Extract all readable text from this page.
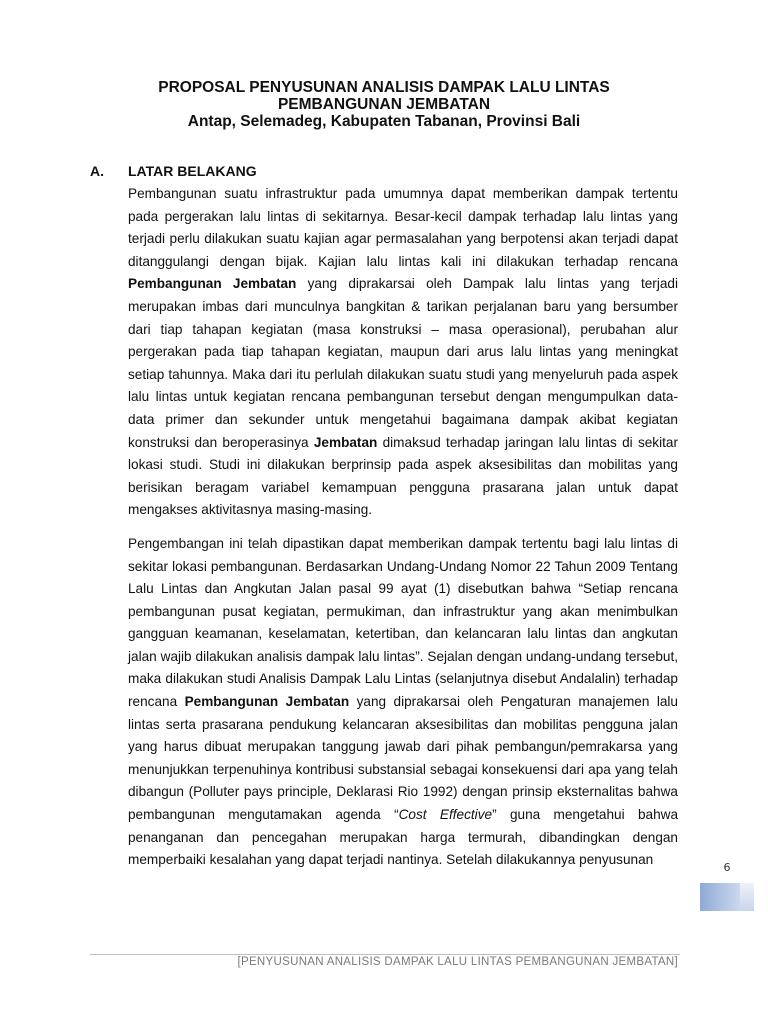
PROPOSAL PENYUSUNAN ANALISIS DAMPAK LALU LINTAS
PEMBANGUNAN JEMBATAN
Antap, Selemadeg, Kabupaten Tabanan, Provinsi Bali
A. LATAR BELAKANG

Pembangunan suatu infrastruktur pada umumnya dapat memberikan dampak tertentu pada pergerakan lalu lintas di sekitarnya. Besar-kecil dampak terhadap lalu lintas yang terjadi perlu dilakukan suatu kajian agar permasalahan yang berpotensi akan terjadi dapat ditanggulangi dengan bijak. Kajian lalu lintas kali ini dilakukan terhadap rencana Pembangunan Jembatan yang diprakarsai oleh Dampak lalu lintas yang terjadi merupakan imbas dari munculnya bangkitan & tarikan perjalanan baru yang bersumber dari tiap tahapan kegiatan (masa konstruksi – masa operasional), perubahan alur pergerakan pada tiap tahapan kegiatan, maupun dari arus lalu lintas yang meningkat setiap tahunnya. Maka dari itu perlulah dilakukan suatu studi yang menyeluruh pada aspek lalu lintas untuk kegiatan rencana pembangunan tersebut dengan mengumpulkan data-data primer dan sekunder untuk mengetahui bagaimana dampak akibat kegiatan konstruksi dan beroperasinya Jembatan dimaksud terhadap jaringan lalu lintas di sekitar lokasi studi. Studi ini dilakukan berprinsip pada aspek aksesibilitas dan mobilitas yang berisikan beragam variabel kemampuan pengguna prasarana jalan untuk dapat mengakses aktivitasnya masing-masing.

Pengembangan ini telah dipastikan dapat memberikan dampak tertentu bagi lalu lintas di sekitar lokasi pembangunan. Berdasarkan Undang-Undang Nomor 22 Tahun 2009 Tentang Lalu Lintas dan Angkutan Jalan pasal 99 ayat (1) disebutkan bahwa “Setiap rencana pembangunan pusat kegiatan, permukiman, dan infrastruktur yang akan menimbulkan gangguan keamanan, keselamatan, ketertiban, dan kelancaran lalu lintas dan angkutan jalan wajib dilakukan analisis dampak lalu lintas”. Sejalan dengan undang-undang tersebut, maka dilakukan studi Analisis Dampak Lalu Lintas (selanjutnya disebut Andalalin) terhadap rencana Pembangunan Jembatan yang diprakarsai oleh Pengaturan manajemen lalu lintas serta prasarana pendukung kelancaran aksesibilitas dan mobilitas pengguna jalan yang harus dibuat merupakan tanggung jawab dari pihak pembangun/pemrakarsa yang menunjukkan terpenuhinya kontribusi substansial sebagai konsekuensi dari apa yang telah dibangun (Polluter pays principle, Deklarasi Rio 1992) dengan prinsip eksternalitas bahwa pembangunan mengutamakan agenda “Cost Effective” guna mengetahui bahwa penanganan dan pencegahan merupakan harga termurah, dibandingkan dengan memperbaiki kesalahan yang dapat terjadi nantinya. Setelah dilakukannya penyusunan

6
[PENYUSUNAN ANALISIS DAMPAK LALU LINTAS PEMBANGUNAN JEMBATAN]
